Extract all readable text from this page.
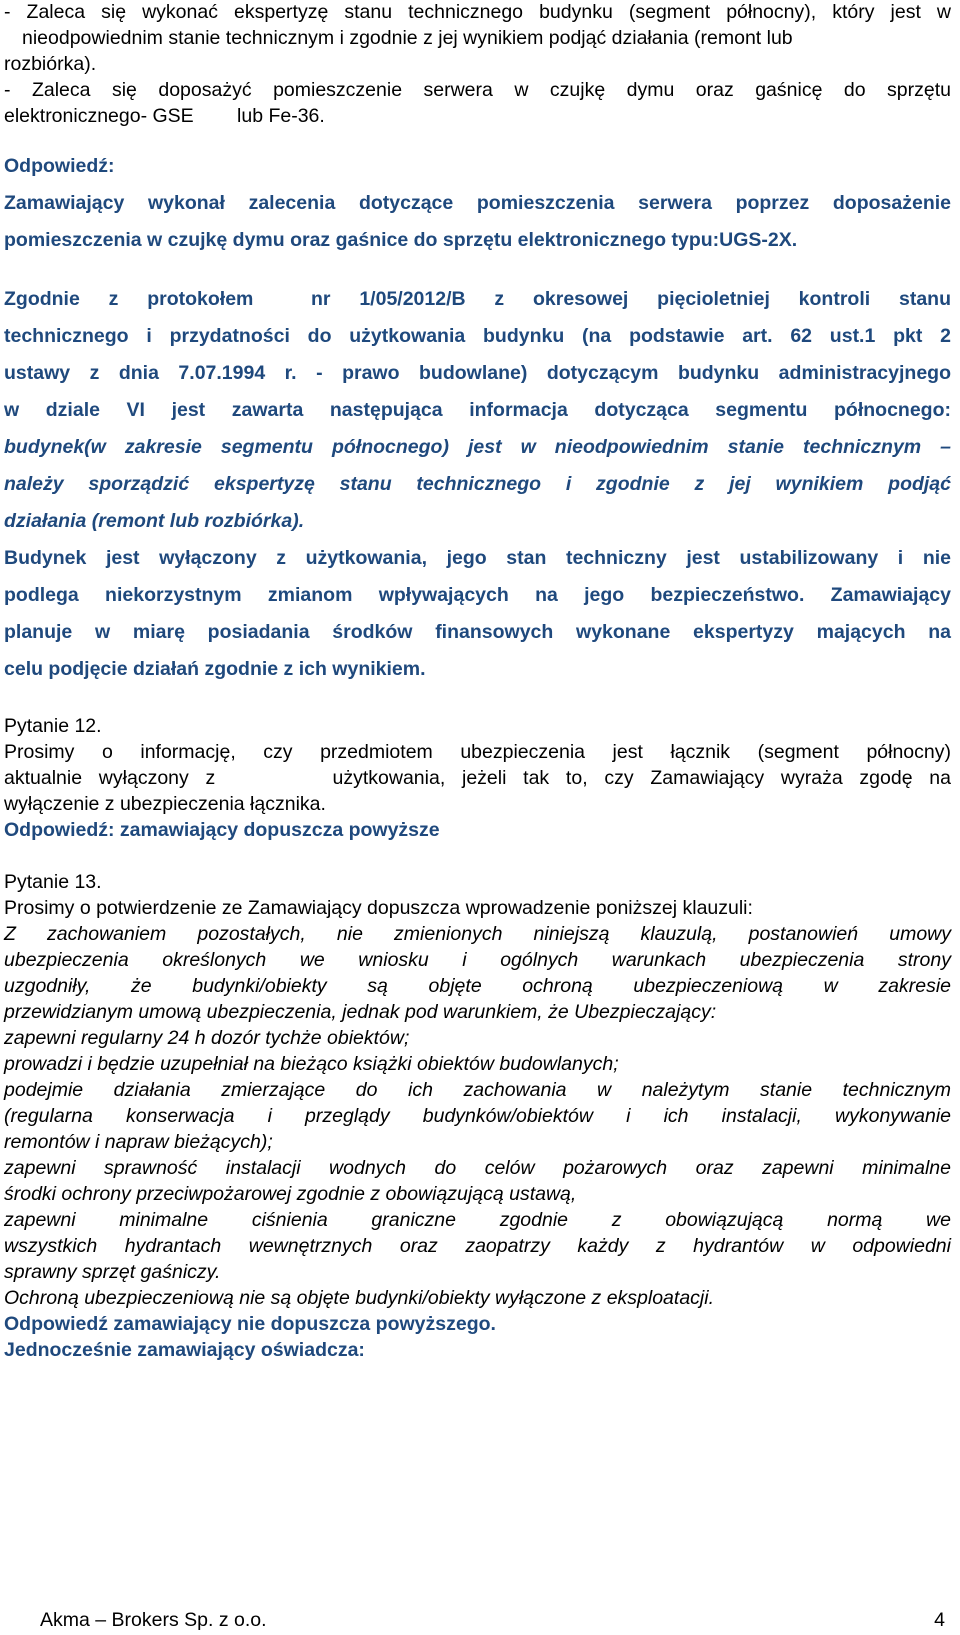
- Zaleca się wykonać ekspertyzę stanu technicznego budynku (segment północny), który jest w

nieodpowiednim stanie technicznym i zgodnie z jej wynikiem podjąć działania (remont lub

rozbiórka).

- Zaleca się doposażyć pomieszczenie serwera w czujkę dymu oraz gaśnicę do sprzętu

elektronicznego- GSE        lub Fe-36.

Odpowiedź:

Zamawiający wykonał zalecenia dotyczące pomieszczenia serwera poprzez doposażenie

pomieszczenia w czujkę dymu oraz gaśnice do sprzętu elektronicznego typu:UGS-2X.

Zgodnie z protokołem  nr 1/05/2012/B z okresowej pięcioletniej kontroli stanu

technicznego i przydatności do użytkowania budynku (na podstawie art. 62 ust.1 pkt 2

ustawy z dnia 7.07.1994 r. - prawo budowlane) dotyczącym budynku administracyjnego

w dziale VI jest zawarta następująca informacja dotycząca segmentu północnego:

budynek(w zakresie segmentu północnego) jest w nieodpowiednim stanie technicznym –

należy sporządzić ekspertyzę stanu technicznego i zgodnie z jej wynikiem podjąć

działania (remont lub rozbiórka).

Budynek jest wyłączony z użytkowania, jego stan techniczny jest ustabilizowany i nie

podlega niekorzystnym zmianom wpływających na jego bezpieczeństwo. Zamawiający

planuje w miarę posiadania środków finansowych wykonane ekspertyzy mających na

celu podjęcie działań zgodnie z ich wynikiem.

Pytanie 12.

Prosimy o informację, czy przedmiotem ubezpieczenia jest łącznik (segment północny)

aktualnie wyłączony z       użytkowania, jeżeli tak to, czy Zamawiający wyraża zgodę na

wyłączenie z ubezpieczenia łącznika.

Odpowiedź: zamawiający dopuszcza powyższe

Pytanie 13.

Prosimy o potwierdzenie ze Zamawiający dopuszcza wprowadzenie poniższej klauzuli:

Z zachowaniem pozostałych, nie zmienionych niniejszą klauzulą, postanowień umowy

ubezpieczenia określonych we wniosku i ogólnych warunkach ubezpieczenia strony

uzgodniły, że budynki/obiekty są objęte ochroną ubezpieczeniową w zakresie

przewidzianym umową ubezpieczenia, jednak pod warunkiem, że Ubezpieczający:

zapewni regularny 24 h dozór tychże obiektów;

prowadzi i będzie uzupełniał na bieżąco książki obiektów budowlanych;

podejmie działania zmierzające do ich zachowania w należytym stanie technicznym

(regularna konserwacja i przeglądy budynków/obiektów i ich instalacji, wykonywanie

remontów i napraw bieżących);

zapewni sprawność instalacji wodnych do celów pożarowych oraz zapewni minimalne

środki ochrony przeciwpożarowej zgodnie z obowiązującą ustawą,

zapewni minimalne ciśnienia graniczne zgodnie z obowiązującą normą we

wszystkich hydrantach wewnętrznych oraz zaopatrzy każdy z hydrantów w odpowiedni

sprawny sprzęt gaśniczy.

Ochroną ubezpieczeniową nie są objęte budynki/obiekty wyłączone z eksploatacji.

Odpowiedź zamawiający nie dopuszcza powyższego.

Jednocześnie zamawiający oświadcza:

Akma – Brokers Sp. z o.o.	4
